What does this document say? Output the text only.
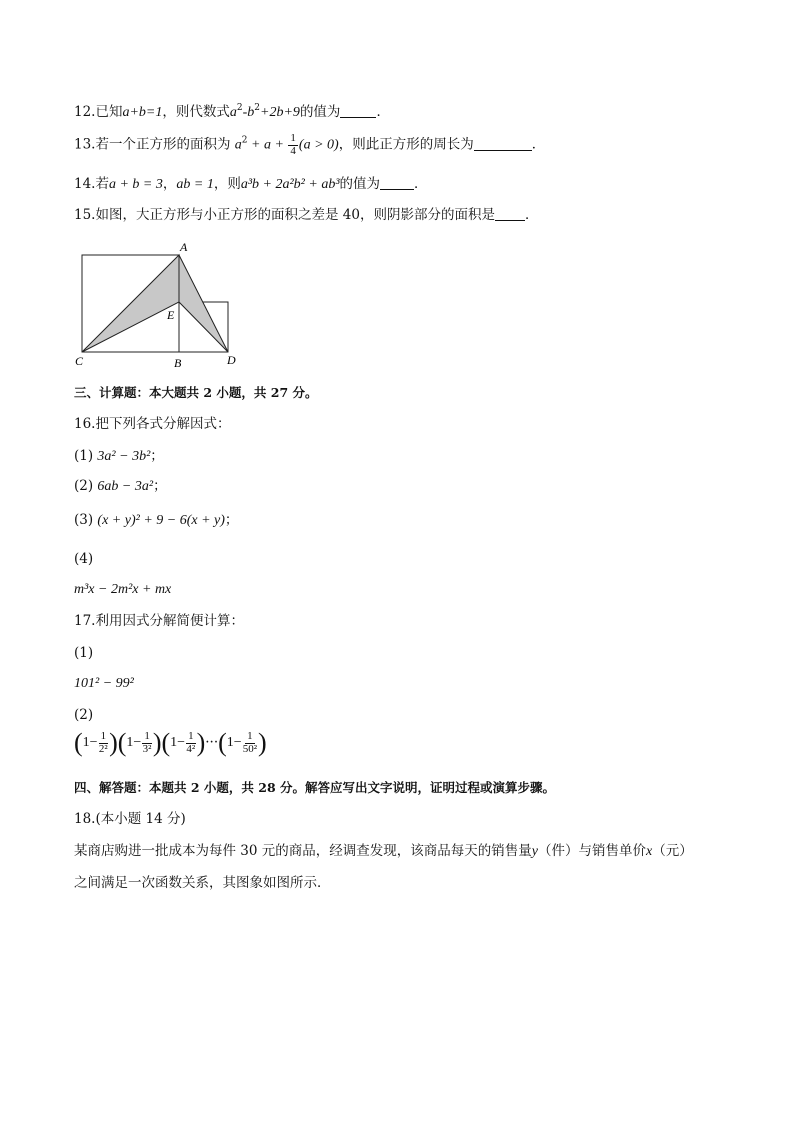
12.已知a+b=1，则代数式$a^2-b^2+2b+9$的值为	．
13.若一个正方形的面积为 $a^2 + a + \frac{1}{4} (a > 0)$，则此正方形的周长为	．
14.若a + b = 3，ab = 1，则a³b + 2a²b² + ab³的值为	．
15.如图，大正方形与小正方形的面积之差是 40，则阴影部分的面积是 ．
A
E
C	B	D
三、计算题：本大题共 2 小题，共 27 分。
16.把下列各式分解因式：
(1) 3a² − 3b²；
(2) 6ab − 3a²；
(3) (x + y)² + 9 − 6(x + y)；
(4)
m³x − 2m²x + mx
17.利用因式分解简便计算：
(1)
101² − 99²
(2)
$(1- \frac{1}{\text{2²}} )(1- \frac{1}{\text{3²}} )(1- \frac{1}{\text{4²}} )\cdot\cdot\cdot(1- \frac{1}{\text{50²}}$ )
四、解答题：本题共 2 小题，共 28 分。解答应写出文字说明，证明过程或演算步骤。
18.(本小题 14 分)
某商店购进一批成本为每件 30 元的商品，经调查发现，该商品每天的销售量y（件）与销售单价x（元）
之间满足一次函数关系，其图象如图所示．
